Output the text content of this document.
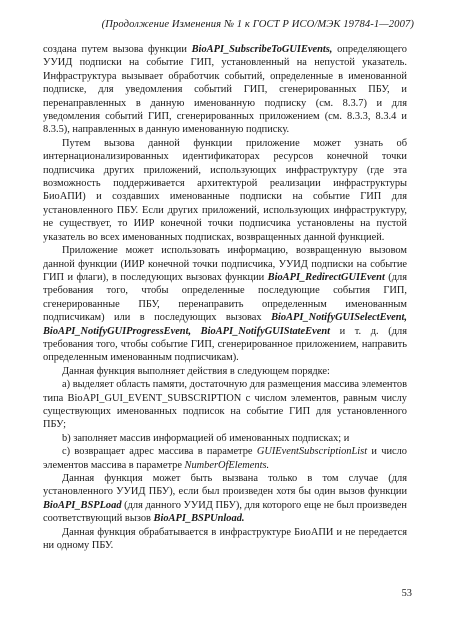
(Продолжение Изменения № 1 к ГОСТ Р ИСО/МЭК 19784-1—2007)

создана путем вызова функции BioAPI_SubscribeToGUIEvents, определяющего УУИД подписки на событие ГИП, установленный на непустой указатель. Инфраструктура вызывает обработчик событий, определенные в именованной подписке, для уведомления событий ГИП, сгенерированных ПБУ, и перенаправленных в данную именованную подписку (см. 8.3.7) и для уведомления событий ГИП, сгенерированных приложением (см. 8.3.3, 8.3.4 и 8.3.5), направленных в данную именованную подписку.

Путем вызова данной функции приложение может узнать об интернационализированных идентификаторах ресурсов конечной точки подписчика других приложений, использующих инфраструктуру (где эта возможность поддерживается архитектурой реализации инфраструктуры БиоАПИ) и создавших именованные подписки на событие ГИП для установленного ПБУ. Если других приложений, использующих инфраструктуру, не существует, то ИИР конечной точки подписчика установлены на пустой указатель во всех именованных подписках, возвращенных данной функцией.

Приложение может использовать информацию, возвращенную вызовом данной функции (ИИР конечной точки подписчика, УУИД подписки на событие ГИП и флаги), в последующих вызовах функции BioAPI_RedirectGUIEvent (для требования того, чтобы определенные последующие события ГИП, сгенерированные ПБУ, перенаправить определенным именованным подписчикам) или в последующих вызовах BioAPI_NotifyGUISelectEvent, BioAPI_NotifyGUIProgressEvent, BioAPI_NotifyGUIStateEvent и т. д. (для требования того, чтобы событие ГИП, сгенерированное приложением, направить определенным именованным подписчикам).

Данная функция выполняет действия в следующем порядке:

a) выделяет область памяти, достаточную для размещения массива элементов типа BioAPI_GUI_EVENT_SUBSCRIPTION с числом элементов, равным числу существующих именованных подписок на событие ГИП для установленного ПБУ;

b) заполняет массив информацией об именованных подписках; и

c) возвращает адрес массива в параметре GUIEventSubscriptionList и число элементов массива в параметре NumberOfElements.

Данная функция может быть вызвана только в том случае (для установленного УУИД ПБУ), если был произведен хотя бы один вызов функции BioAPI_BSPLoad (для данного УУИД ПБУ), для которого еще не был произведен соответствующий вызов BioAPI_BSPUnload.

Данная функция обрабатывается в инфраструктуре БиоАПИ и не передается ни одному ПБУ.

53
